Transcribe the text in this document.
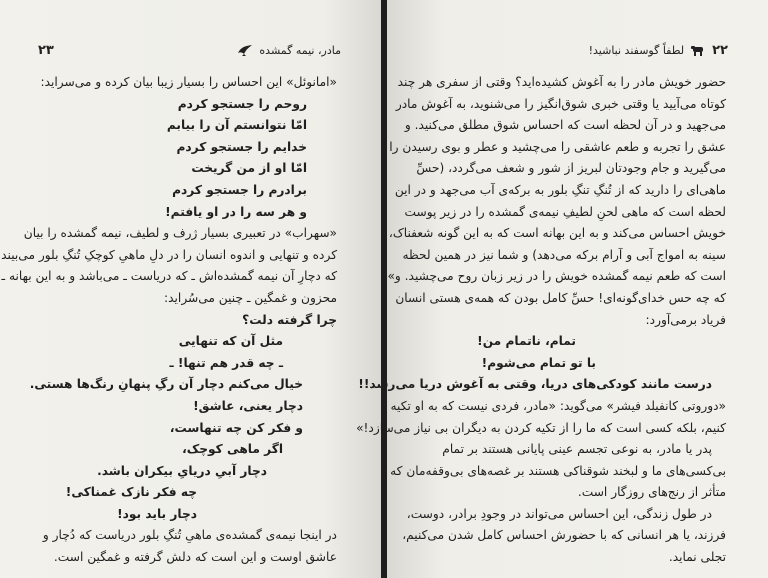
مادر، نیمه گمشده
۲۳
«امانوئل» این احساس را بسیار زیبا بیان کرده و می‌سراید:
روحم را جستجو کردم
امّا نتوانستم آن را بیابم
خدایم را جستجو کردم
امّا او از من گریخت
برادرم را جستجو کردم
و هر سه را در او یافتم!
«سهراب» در تعبیری بسیار ژرف و لطیف، نیمه گمشده را بیان
کرده و تنهایی و اندوه انسان را در دلِ ماهیِ کوچکِ تُنگِ بلور می‌بیند
که دچارِ آن نیمه گمشده‌اش ـ که دریاست ـ می‌باشد و به این بهانه ـ
محزون و غمگین ـ چنین می‌سُراید:
چرا گرفته دلت؟
مثل آن که تنهایی
ـ چه قدر هم تنها! ـ
خیال می‌کنم دچار آن رگِ پنهانِ رنگ‌ها هستی.
دچار یعنی، عاشق!
و فکر کن چه تنهاست،
اگر ماهی کوچک،
دچار آبیِ دریایِ بیکران باشد.
چه فکر نازک غمناکی!
دچار باید بود!
در اینجا نیمه‌ی گمشده‌ی ماهیِ تُنگِ بلور دریاست که دُچار و
عاشق اوست و این است که دلش گرفته و غمگین است.
۲۲
لطفاً گوسفند نباشید!
حضور خویش مادر را به آغوش کشیده‌اید؟ وقتی از سفری هر چند
کوتاه می‌آیید یا وقتی خبری شوق‌انگیز را می‌شنوید، به آغوش مادر
می‌جهید و در آن لحظه است که احساس شوق مطلق می‌کنید. و
عشق را تجربه و طعم عاشقی را می‌چشید و عطر و بوی رسیدن را
می‌گیرید و جام وجودتان لبریز از شور و شعف می‌گردد، (حسِّ
ماهی‌ای را دارید که از تُنگِ تنگِ بلور به برکه‌ی آب می‌جهد و در این
لحظه است که ماهی لحنِ لطیفِ نیمه‌ی گمشده را در زیر پوست
خویش احساس می‌کند و به این بهانه است که به این گونه شعفناک،
سینه به امواج آبی و آرام برکه می‌دهد) و شما نیز در همین لحظه
است که طعم نیمه گمشده خویش را در زیر زبان روح می‌چشید. و»
که چه حس خدای‌گونه‌ای! حسِّ کامل بودن که همه‌ی هستی انسان
فریاد برمی‌آورد:
تمام، ناتمام من!
با تو تمام می‌شوم!
درست مانند کودکی‌های دریا، وقتی به آغوش دریا می‌رسد!!
«دوروتی کانفیلد فیشر» می‌گوید: «مادر، فردی نیست که به او تکیه
کنیم، بلکه کسی است که ما را از تکیه کردن به دیگران بی نیاز می‌سازد!»
پدر یا مادر، به نوعی تجسم عینی پایانی هستند بر تمام
بی‌کسی‌های ما و لبخند شوقناکی هستند بر غصه‌های بی‌وقفه‌مان که
متأثر از رنج‌های روزگار است.
در طول زندگی، این احساس می‌تواند در وجودِ برادر، دوست،
فرزند، یا هر انسانی که با حضورش احساس کامل شدن می‌کنیم،
تجلی نماید.
